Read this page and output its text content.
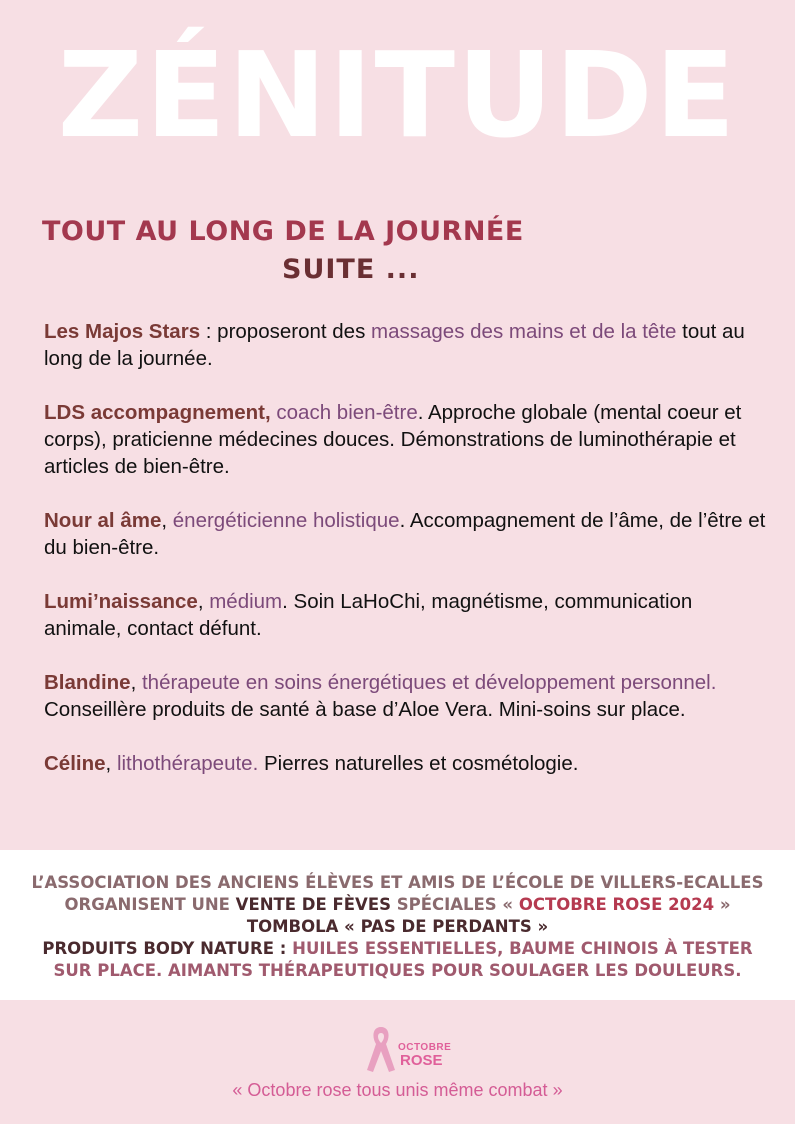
ZÉNITUDE
TOUT AU LONG DE LA JOURNÉE
SUITE ...
Les Majos Stars : proposeront des massages des mains et de la tête tout au long de la journée.
LDS accompagnement, coach bien-être. Approche globale (mental coeur et corps), praticienne médecines douces. Démonstrations de luminothérapie et articles de bien-être.
Nour al âme, énergéticienne holistique. Accompagnement de l’âme, de l’être et du bien-être.
Lumi’naissance, médium. Soin LaHoChi, magnétisme, communication animale, contact défunt.
Blandine, thérapeute en soins énergétiques et développement personnel. Conseillère produits de santé à base d’Aloe Vera. Mini-soins sur place.
Céline, lithothérapeute. Pierres naturelles et cosmétologie.
L’ASSOCIATION DES ANCIENS ÉLÈVES ET AMIS DE L’ÉCOLE DE VILLERS-ECALLES
ORGANISENT UNE VENTE DE FÈVES SPÉCIALES « OCTOBRE ROSE 2024 »
TOMBOLA « PAS DE PERDANTS »
PRODUITS BODY NATURE : HUILES ESSENTIELLES, BAUME CHINOIS À TESTER
SUR PLACE. AIMANTS THÉRAPEUTIQUES POUR SOULAGER LES DOULEURS.
OCTOBRE
ROSE
« Octobre rose tous unis même combat »
